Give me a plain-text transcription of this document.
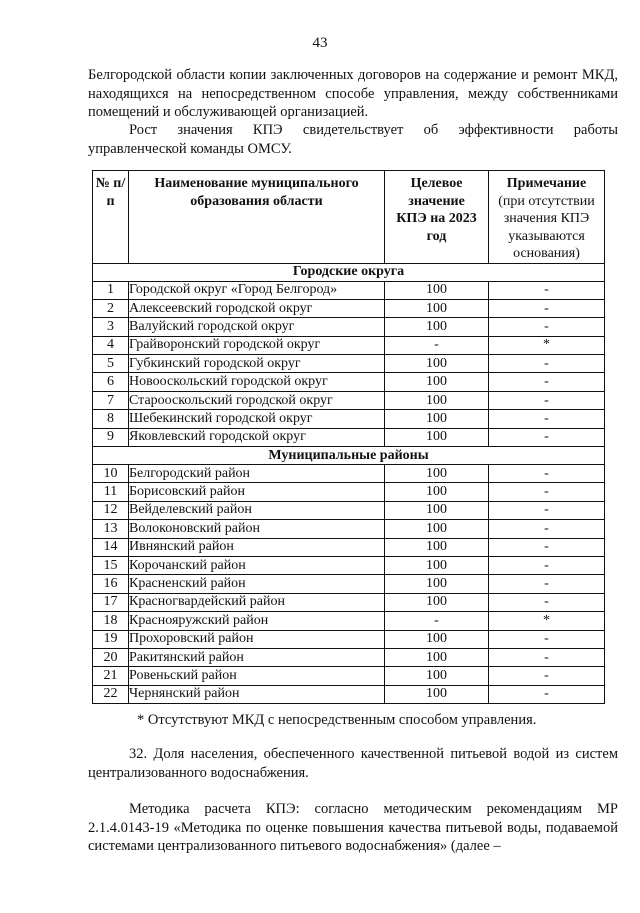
43

Белгородской области копии заключенных договоров на содержание и ремонт МКД, находящихся на непосредственном способе управления, между собственниками помещений и обслуживающей организацией.

Рост значения КПЭ свидетельствует об эффективности работы управленческой команды ОМСУ.

№ п/п	Наименование муниципального образования области	Целевое значение КПЭ на 2023 год	Примечание
(при отсутствии значения КПЭ указываются основания)

Городские округа			
1	Городской округ «Город Белгород»	100	-
2	Алексеевский городской округ	100	-
3	Валуйский городской округ	100	-
4	Грайворонский городской округ	-	*
5	Губкинский городской округ	100	-
6	Новооскольский городской округ	100	-
7	Старооскольский городской округ	100	-
8	Шебекинский городской округ	100	-
9	Яковлевский городской округ	100	-
Муниципальные районы			
10	Белгородский район	100	-
11	Борисовский район	100	-
12	Вейделевский район	100	-
13	Волоконовский район	100	-
14	Ивнянский район	100	-
15	Корочанский район	100	-
16	Красненский район	100	-
17	Красногвардейский район	100	-
18	Краснояружский район	-	*
19	Прохоровский район	100	-
20	Ракитянский район	100	-
21	Ровеньский район	100	-
22	Чернянский район	100	-
* Отсутствуют МКД с непосредственным способом управления.

32. Доля населения, обеспеченного качественной питьевой водой из систем централизованного водоснабжения.

Методика расчета КПЭ: согласно методическим рекомендациям МР 2.1.4.0143-19 «Методика по оценке повышения качества питьевой воды, подаваемой системами централизованного питьевого водоснабжения» (далее –
